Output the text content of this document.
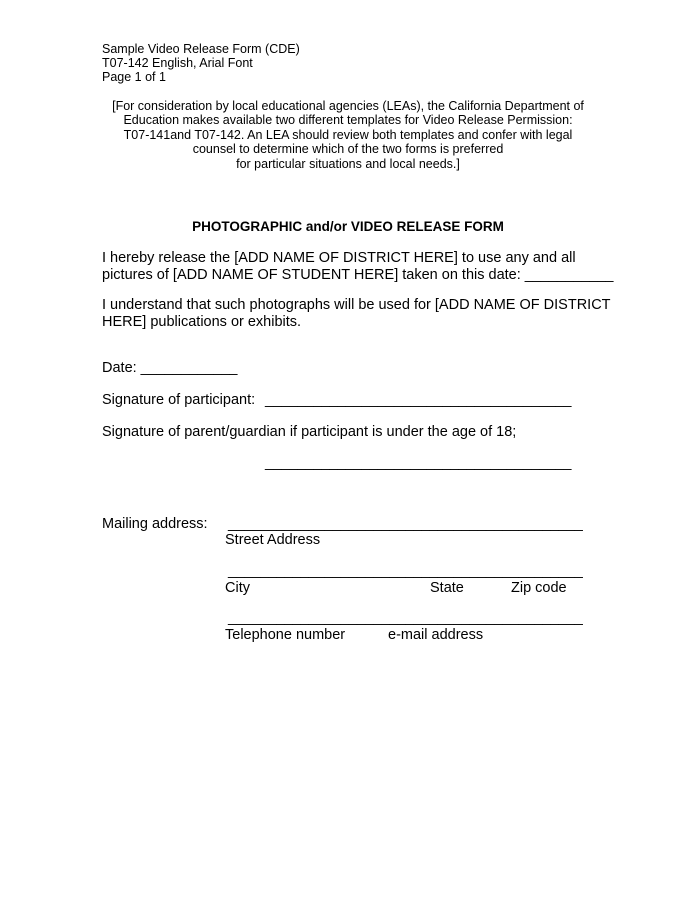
Sample Video Release Form (CDE)
T07-142 English, Arial Font
Page 1 of 1
[For consideration by local educational agencies (LEAs), the California Department of
Education makes available two different templates for Video Release Permission:
T07-141and T07-142. An LEA should review both templates and confer with legal
counsel to determine which of the two forms is preferred
for particular situations and local needs.]
PHOTOGRAPHIC and/or VIDEO RELEASE FORM
I hereby release the [ADD NAME OF DISTRICT HERE] to use any and all
pictures of [ADD NAME OF STUDENT HERE] taken on this date: ___________
I understand that such photographs will be used for [ADD NAME OF DISTRICT
HERE] publications or exhibits.
Date: ____________
Signature of participant: ______________________________________
Signature of parent/guardian if participant is under the age of 18;
______________________________________
Mailing address: ____________________________________________
Street Address
____________________________________________
City	State	Zip code
____________________________________________
Telephone number	e-mail address
